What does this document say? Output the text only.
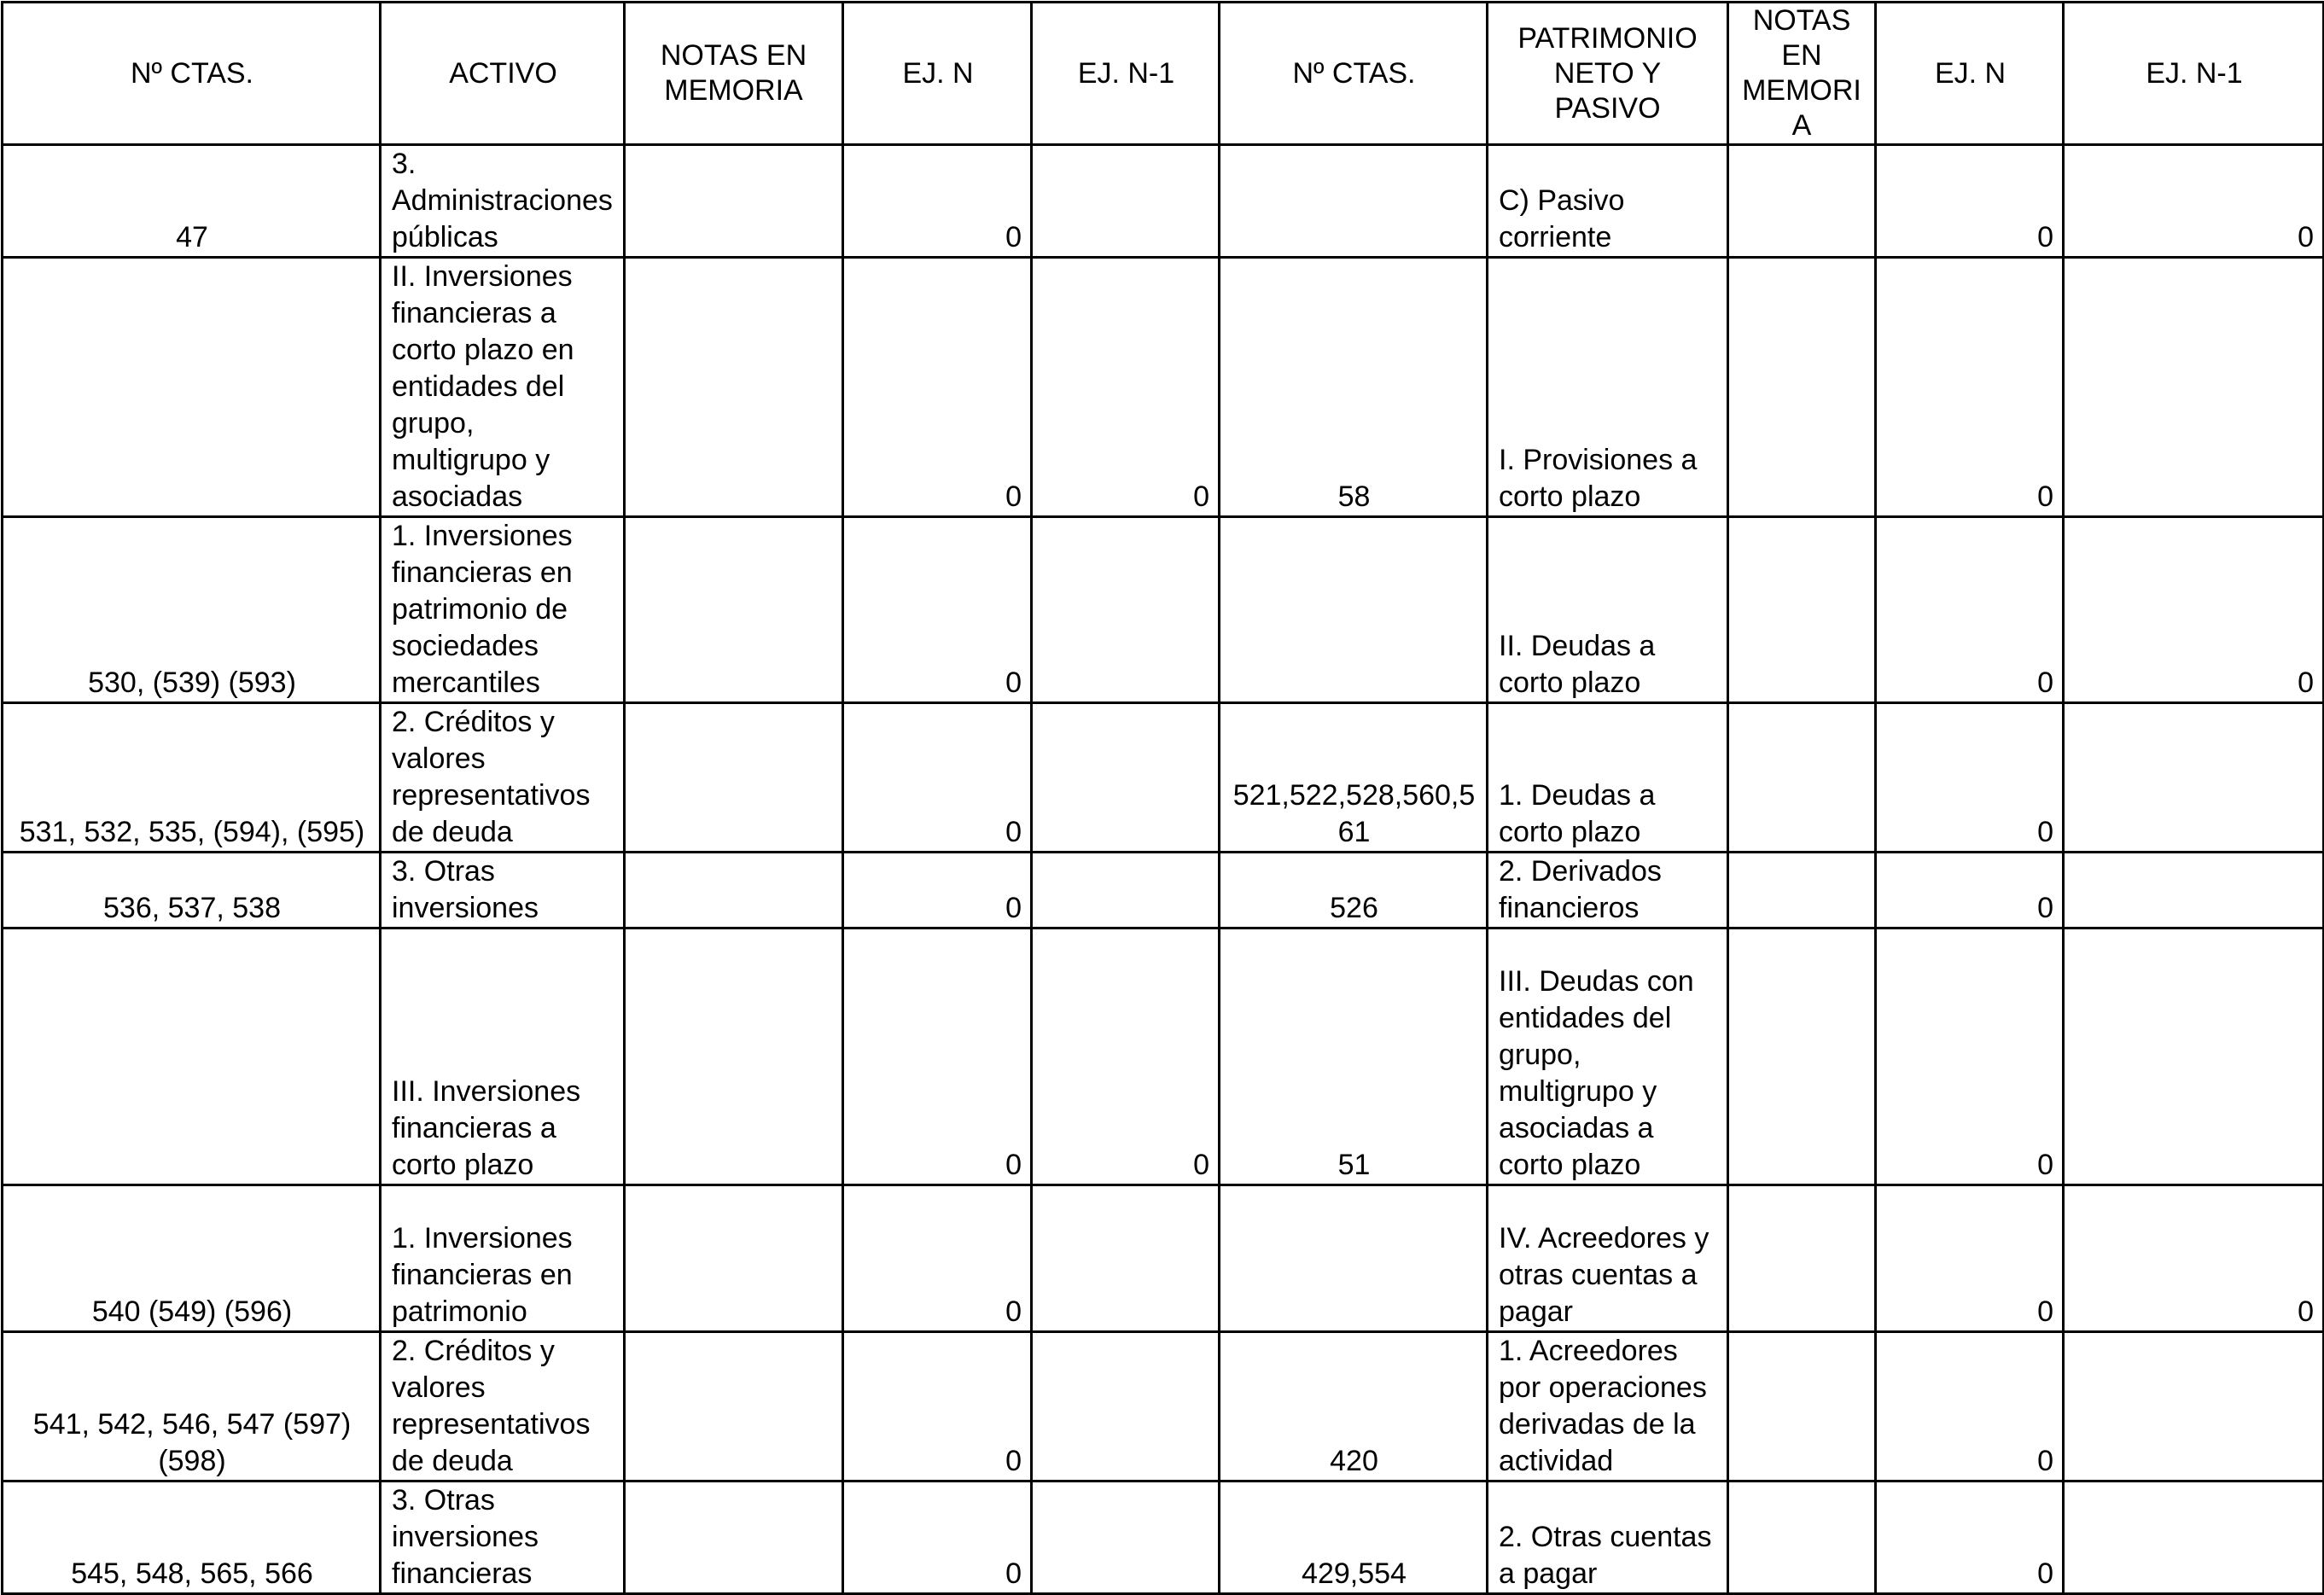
Nº CTAS.	ACTIVO	NOTAS EN MEMORIA	EJ. N	EJ. N-1	Nº CTAS.	PATRIMONIO NETO Y PASIVO	NOTAS EN MEMORIA	EJ. N	EJ. N-1
47	3. Administraciones públicas		0			C) Pasivo corriente		0	0
	II. Inversiones financieras a corto plazo en entidades del grupo, multigrupo y asociadas		0	0	58	I. Provisiones a corto plazo		0	
530, (539) (593)	1. Inversiones financieras en patrimonio de sociedades mercantiles		0			II. Deudas a corto plazo		0	0
531, 532, 535, (594), (595)	2. Créditos y valores representativos de deuda		0		521,522,528,560,561	1. Deudas a corto plazo		0	
536, 537, 538	3. Otras inversiones		0		526	2. Derivados financieros		0	
	III. Inversiones financieras a corto plazo		0	0	51	III. Deudas con entidades del grupo, multigrupo y asociadas a corto plazo		0	
540 (549) (596)	1. Inversiones financieras en patrimonio		0			IV. Acreedores y otras cuentas a pagar		0	0
541, 542, 546, 547 (597) (598)	2. Créditos y valores representativos de deuda		0		420	1. Acreedores por operaciones derivadas de la actividad		0	
545, 548, 565, 566	3. Otras inversiones financieras		0		429,554	2. Otras cuentas a pagar		0	
